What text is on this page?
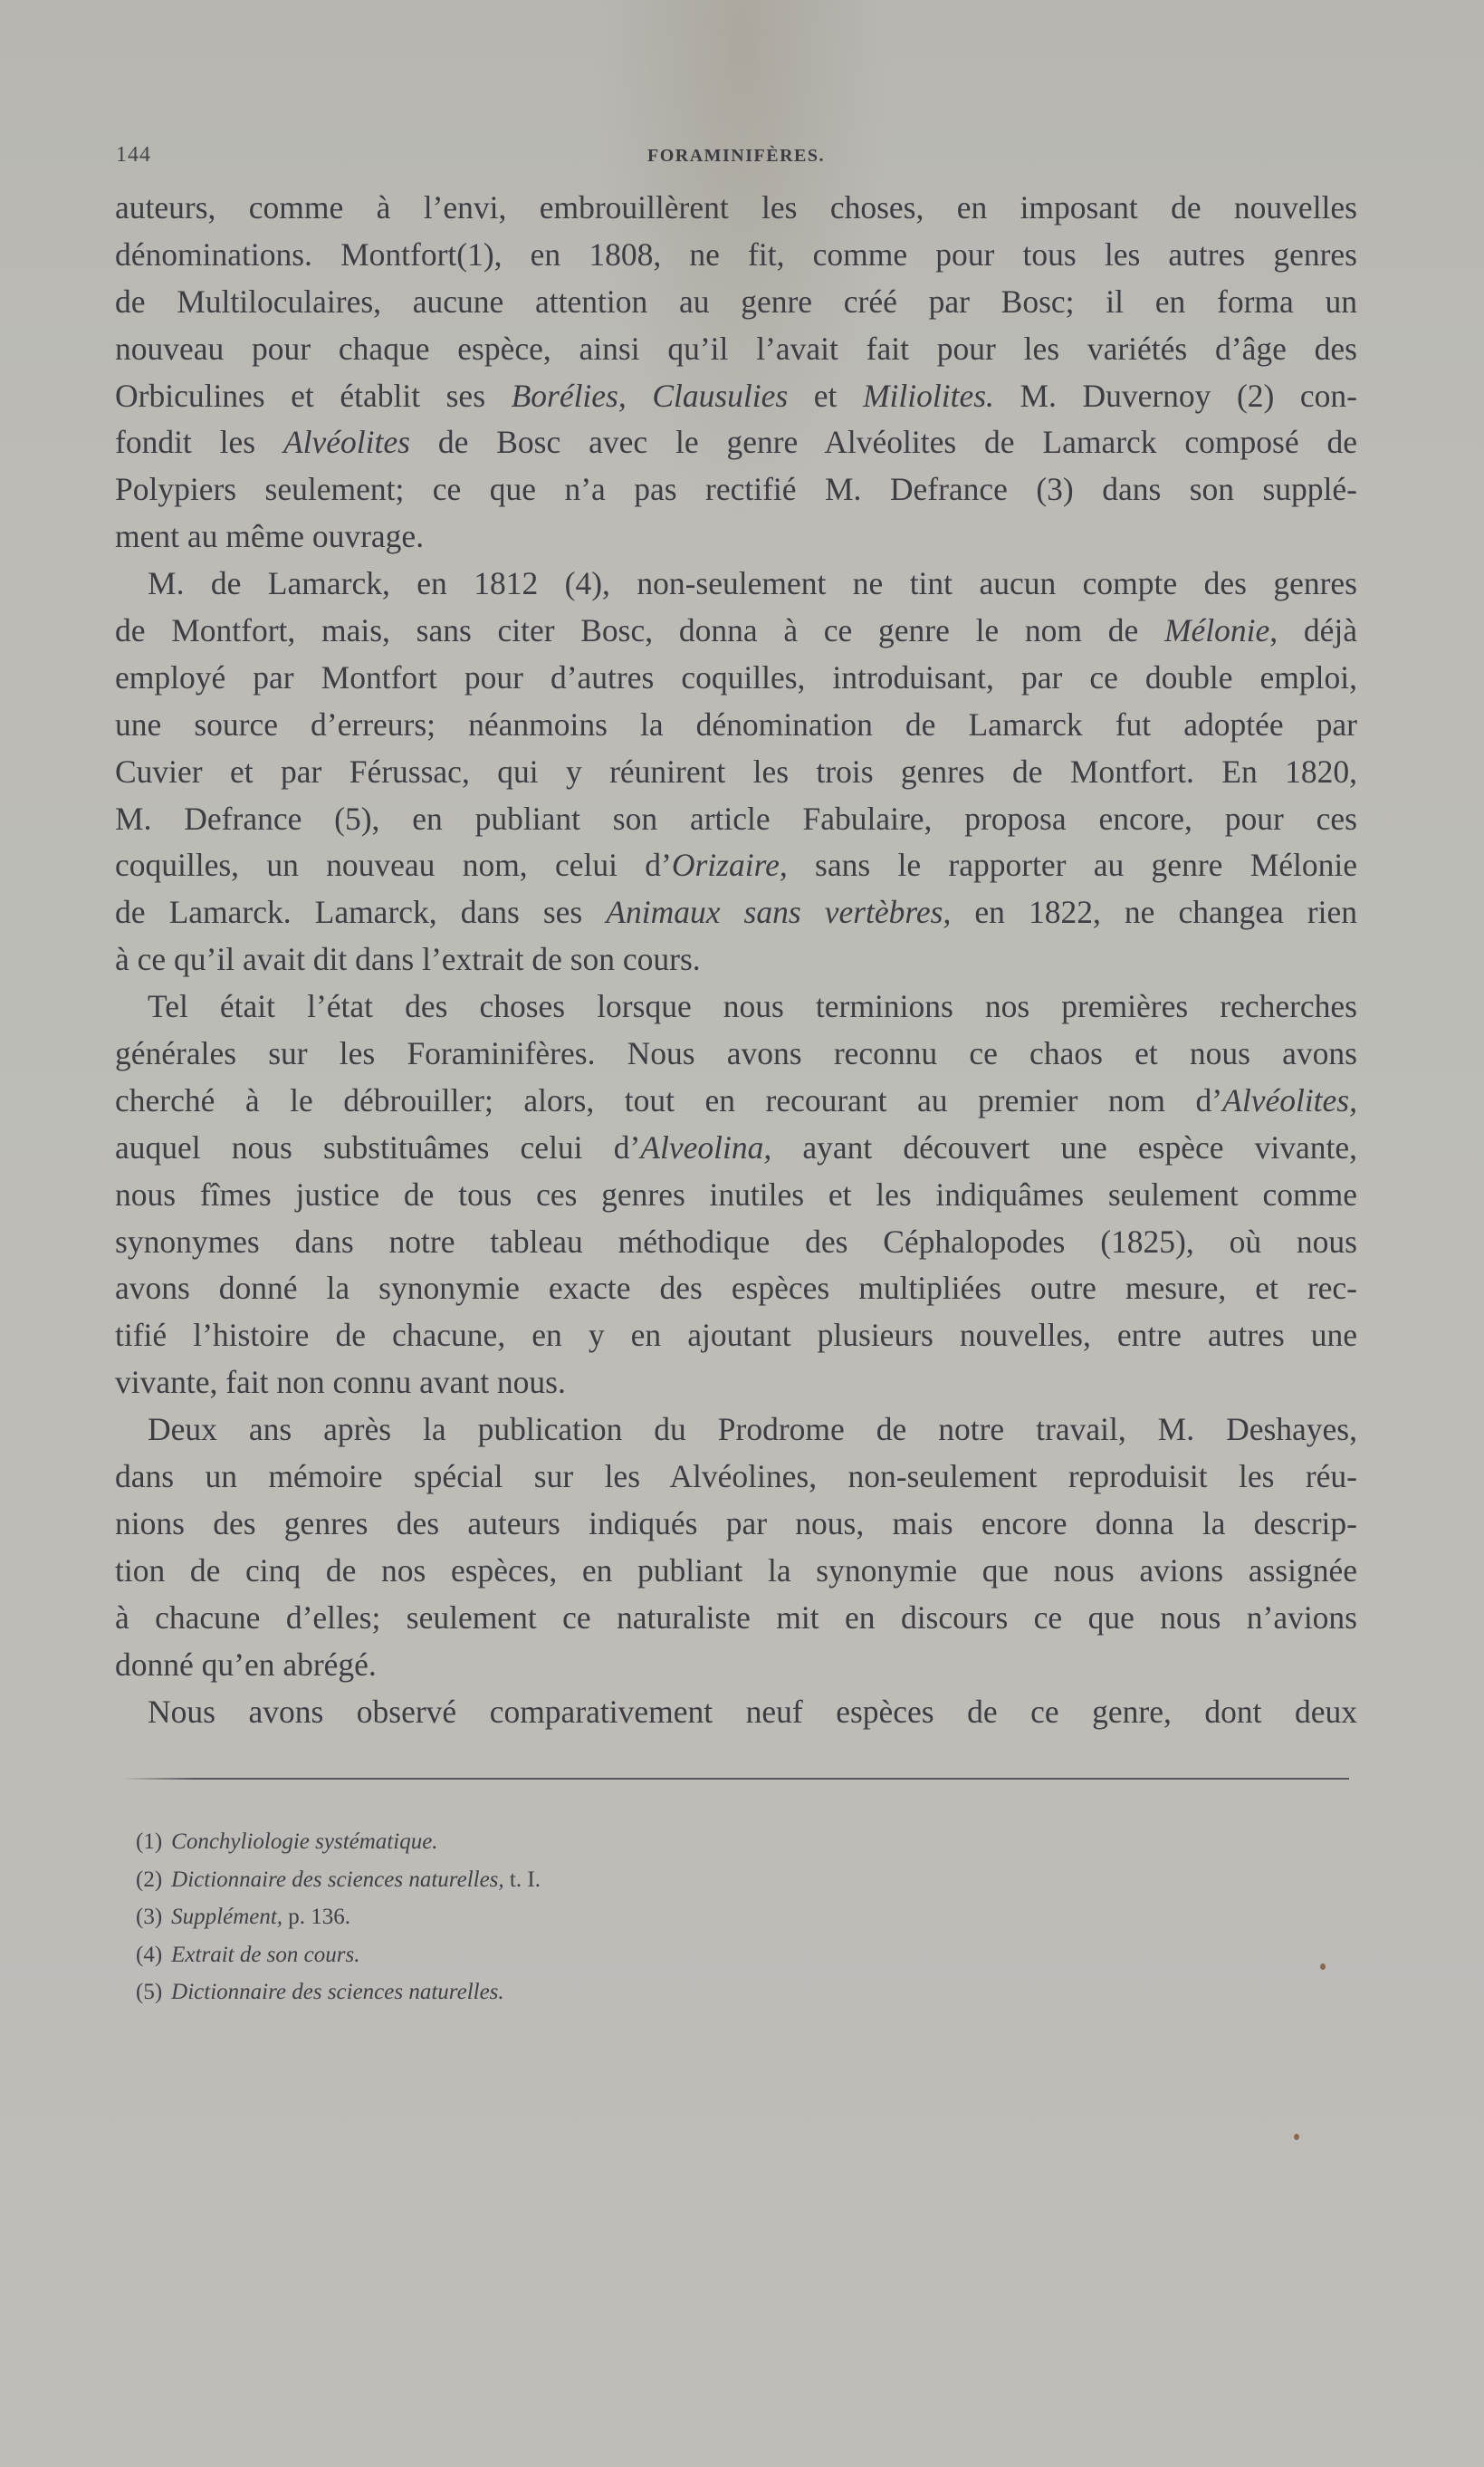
144	FORAMINIFÈRES.
auteurs, comme à l’envi, embrouillèrent les choses, en imposant de nouvelles
dénominations. Montfort(1), en 1808, ne fit, comme pour tous les autres genres
de Multiloculaires, aucune attention au genre créé par Bosc; il en forma un
nouveau pour chaque espèce, ainsi qu’il l’avait fait pour les variétés d’âge des
Orbiculines et établit ses Borélies, Clausulies et Miliolites. M. Duvernoy (2) con-
fondit les Alvéolites de Bosc avec le genre Alvéolites de Lamarck composé de
Polypiers seulement; ce que n’a pas rectifié M. Defrance (3) dans son supplé-
ment au même ouvrage.
M. de Lamarck, en 1812 (4), non-seulement ne tint aucun compte des genres
de Montfort, mais, sans citer Bosc, donna à ce genre le nom de Mélonie, déjà
employé par Montfort pour d’autres coquilles, introduisant, par ce double emploi,
une source d’erreurs; néanmoins la dénomination de Lamarck fut adoptée par
Cuvier et par Férussac, qui y réunirent les trois genres de Montfort. En 1820,
M. Defrance (5), en publiant son article Fabulaire, proposa encore, pour ces
coquilles, un nouveau nom, celui d’Orizaire, sans le rapporter au genre Mélonie
de Lamarck. Lamarck, dans ses Animaux sans vertèbres, en 1822, ne changea rien
à ce qu’il avait dit dans l’extrait de son cours.
Tel était l’état des choses lorsque nous terminions nos premières recherches
générales sur les Foraminifères. Nous avons reconnu ce chaos et nous avons
cherché à le débrouiller; alors, tout en recourant au premier nom d’Alvéolites,
auquel nous substituâmes celui d’Alveolina, ayant découvert une espèce vivante,
nous fîmes justice de tous ces genres inutiles et les indiquâmes seulement comme
synonymes dans notre tableau méthodique des Céphalopodes (1825), où nous
avons donné la synonymie exacte des espèces multipliées outre mesure, et rec-
tifié l’histoire de chacune, en y en ajoutant plusieurs nouvelles, entre autres une
vivante, fait non connu avant nous.
Deux ans après la publication du Prodrome de notre travail, M. Deshayes,
dans un mémoire spécial sur les Alvéolines, non-seulement reproduisit les réu-
nions des genres des auteurs indiqués par nous, mais encore donna la descrip-
tion de cinq de nos espèces, en publiant la synonymie que nous avions assignée
à chacune d’elles; seulement ce naturaliste mit en discours ce que nous n’avions
donné qu’en abrégé.
Nous avons observé comparativement neuf espèces de ce genre, dont deux
(1) Conchyliologie systématique.
(2) Dictionnaire des sciences naturelles, t. I.
(3) Supplément, p. 136.
(4) Extrait de son cours.
(5) Dictionnaire des sciences naturelles.
